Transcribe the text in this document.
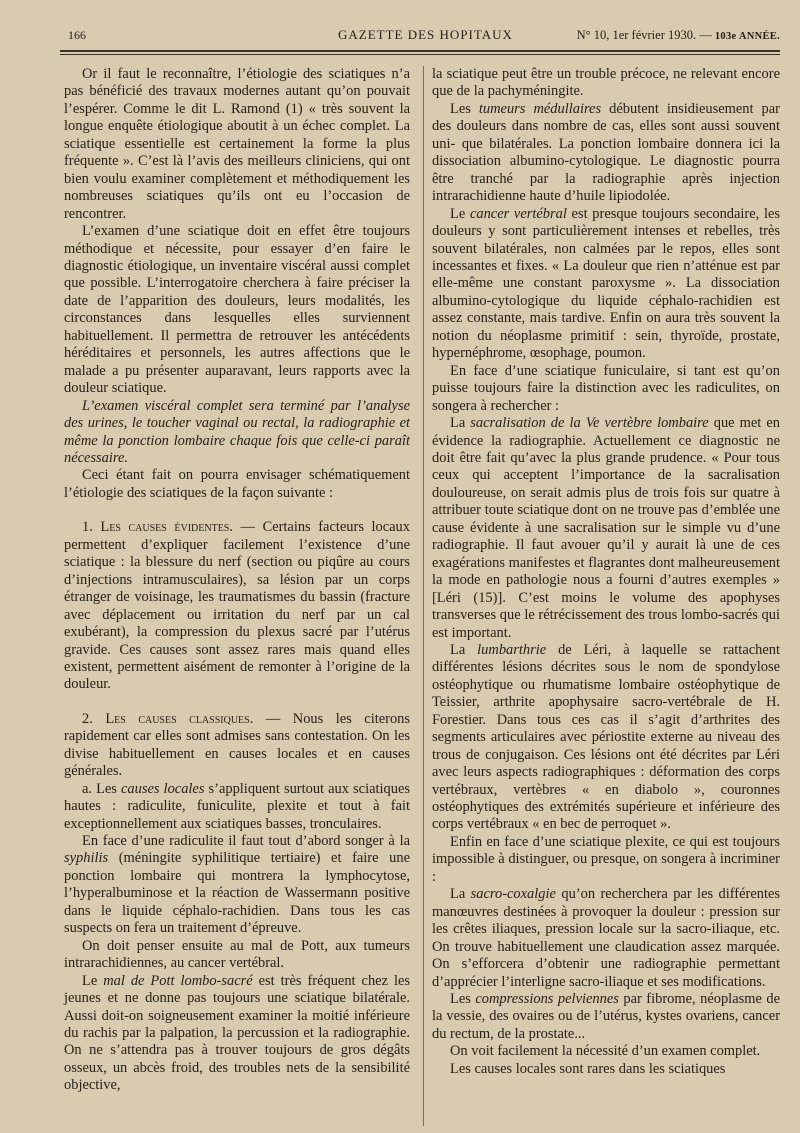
166	GAZETTE DES HOPITAUX	N° 10, 1er février 1930. — 103e ANNÉE.

Or il faut le reconnaître, l’étiologie des sciatiques n’a pas bénéficié des travaux modernes autant qu’on pouvait l’espérer. Comme le dit L. Ramond (1) « très souvent la longue enquête étiologique aboutit à un échec complet. La sciatique essentielle est certainement la forme la plus fréquente ». C’est là l’avis des meilleurs cliniciens, qui ont bien voulu examiner complètement et méthodiquement les nombreuses sciatiques qu’ils ont eu l’occasion de rencontrer.

L’examen d’une sciatique doit en effet être toujours méthodique et nécessite, pour essayer d’en faire le diagnostic étiologique, un inventaire viscéral aussi complet que possible. L’interrogatoire cherchera à faire préciser la date de l’apparition des douleurs, leurs modalités, les circonstances dans lesquelles elles surviennent habituellement. Il permettra de retrouver les antécédents héréditaires et personnels, les autres affections que le malade a pu présenter auparavant, leurs rapports avec la douleur sciatique.

L’examen viscéral complet sera terminé par l’analyse des urines, le toucher vaginal ou rectal, la radiographie et même la ponction lombaire chaque fois que celle-ci paraît nécessaire.

Ceci étant fait on pourra envisager schématiquement l’étiologie des sciatiques de la façon suivante :

1. Les causes évidentes. — Certains facteurs locaux permettent d’expliquer facilement l’existence d’une sciatique : la blessure du nerf (section ou piqûre au cours d’injections intramusculaires), sa lésion par un corps étranger de voisinage, les traumatismes du bassin (fracture avec déplacement ou irritation du nerf par un cal exubérant), la compression du plexus sacré par l’utérus gravide. Ces causes sont assez rares mais quand elles existent, permettent aisément de remonter à l’origine de la douleur.

2. Les causes classiques. — Nous les citerons rapidement car elles sont admises sans contestation. On les divise habituellement en causes locales et en causes générales.

a. Les causes locales s’appliquent surtout aux sciatiques hautes : radiculite, funiculite, plexite et tout à fait exceptionnellement aux sciatiques basses, tronculaires.

En face d’une radiculite il faut tout d’abord songer à la syphilis (méningite syphilitique tertiaire) et faire une ponction lombaire qui montrera la lymphocytose, l’hyperalbuminose et la réaction de Wassermann positive dans le liquide céphalo-rachidien. Dans tous les cas suspects on fera un traitement d’épreuve.

On doit penser ensuite au mal de Pott, aux tumeurs intrarachidiennes, au cancer vertébral.

Le mal de Pott lombo-sacré est très fréquent chez les jeunes et ne donne pas toujours une sciatique bilatérale. Aussi doit-on soigneusement examiner la moitié inférieure du rachis par la palpation, la percussion et la radiographie. On ne s’attendra pas à trouver toujours de gros dégâts osseux, un abcès froid, des troubles nets de la sensibilité objective,

la sciatique peut être un trouble précoce, ne relevant encore que de la pachyméningite.

Les tumeurs médullaires débutent insidieusement par des douleurs dans nombre de cas, elles sont aussi souvent uni- que bilatérales. La ponction lombaire donnera ici la dissociation albumino-cytologique. Le diagnostic pourra être tranché par la radiographie après injection intrarachidienne haute d’huile lipiodolée.

Le cancer vertébral est presque toujours secondaire, les douleurs y sont particulièrement intenses et rebelles, très souvent bilatérales, non calmées par le repos, elles sont incessantes et fixes. « La douleur que rien n’atténue est par elle-même une constant paroxysme ». La dissociation albumino-cytologique du liquide céphalo-rachidien est assez constante, mais tardive. Enfin on aura très souvent la notion du néoplasme primitif : sein, thyroïde, prostate, hypernéphrome, œsophage, poumon.

En face d’une sciatique funiculaire, si tant est qu’on puisse toujours faire la distinction avec les radiculites, on songera à rechercher :

La sacralisation de la Ve vertèbre lombaire que met en évidence la radiographie. Actuellement ce diagnostic ne doit être fait qu’avec la plus grande prudence. « Pour tous ceux qui acceptent l’importance de la sacralisation douloureuse, on serait admis plus de trois fois sur quatre à attribuer toute sciatique dont on ne trouve pas d’emblée une cause évidente à une sacralisation sur le simple vu d’une radiographie. Il faut avouer qu’il y aurait là une de ces exagérations manifestes et flagrantes dont malheureusement la mode en pathologie nous a fourni d’autres exemples » [Léri (15)]. C’est moins le volume des apophyses transverses que le rétrécissement des trous lombo-sacrés qui est important.

La lumbarthrie de Léri, à laquelle se rattachent différentes lésions décrites sous le nom de spondylose ostéophytique ou rhumatisme lombaire ostéophytique de Teissier, arthrite apophysaire sacro-vertébrale de H. Forestier. Dans tous ces cas il s’agit d’arthrites des segments articulaires avec périostite externe au niveau des trous de conjugaison. Ces lésions ont été décrites par Léri avec leurs aspects radiographiques : déformation des corps vertébraux, vertèbres « en diabolo », couronnes ostéophytiques des extrémités supérieure et inférieure des corps vertébraux « en bec de perroquet ».

Enfin en face d’une sciatique plexite, ce qui est toujours impossible à distinguer, ou presque, on songera à incriminer :

La sacro-coxalgie qu’on recherchera par les différentes manœuvres destinées à provoquer la douleur : pression sur les crêtes iliaques, pression locale sur la sacro-iliaque, etc. On trouve habituellement une claudication assez marquée. On s’efforcera d’obtenir une radiographie permettant d’apprécier l’interligne sacro-iliaque et ses modifications.

Les compressions pelviennes par fibrome, néoplasme de la vessie, des ovaires ou de l’utérus, kystes ovariens, cancer du rectum, de la prostate...

On voit facilement la nécessité d’un examen complet.

Les causes locales sont rares dans les sciatiques
